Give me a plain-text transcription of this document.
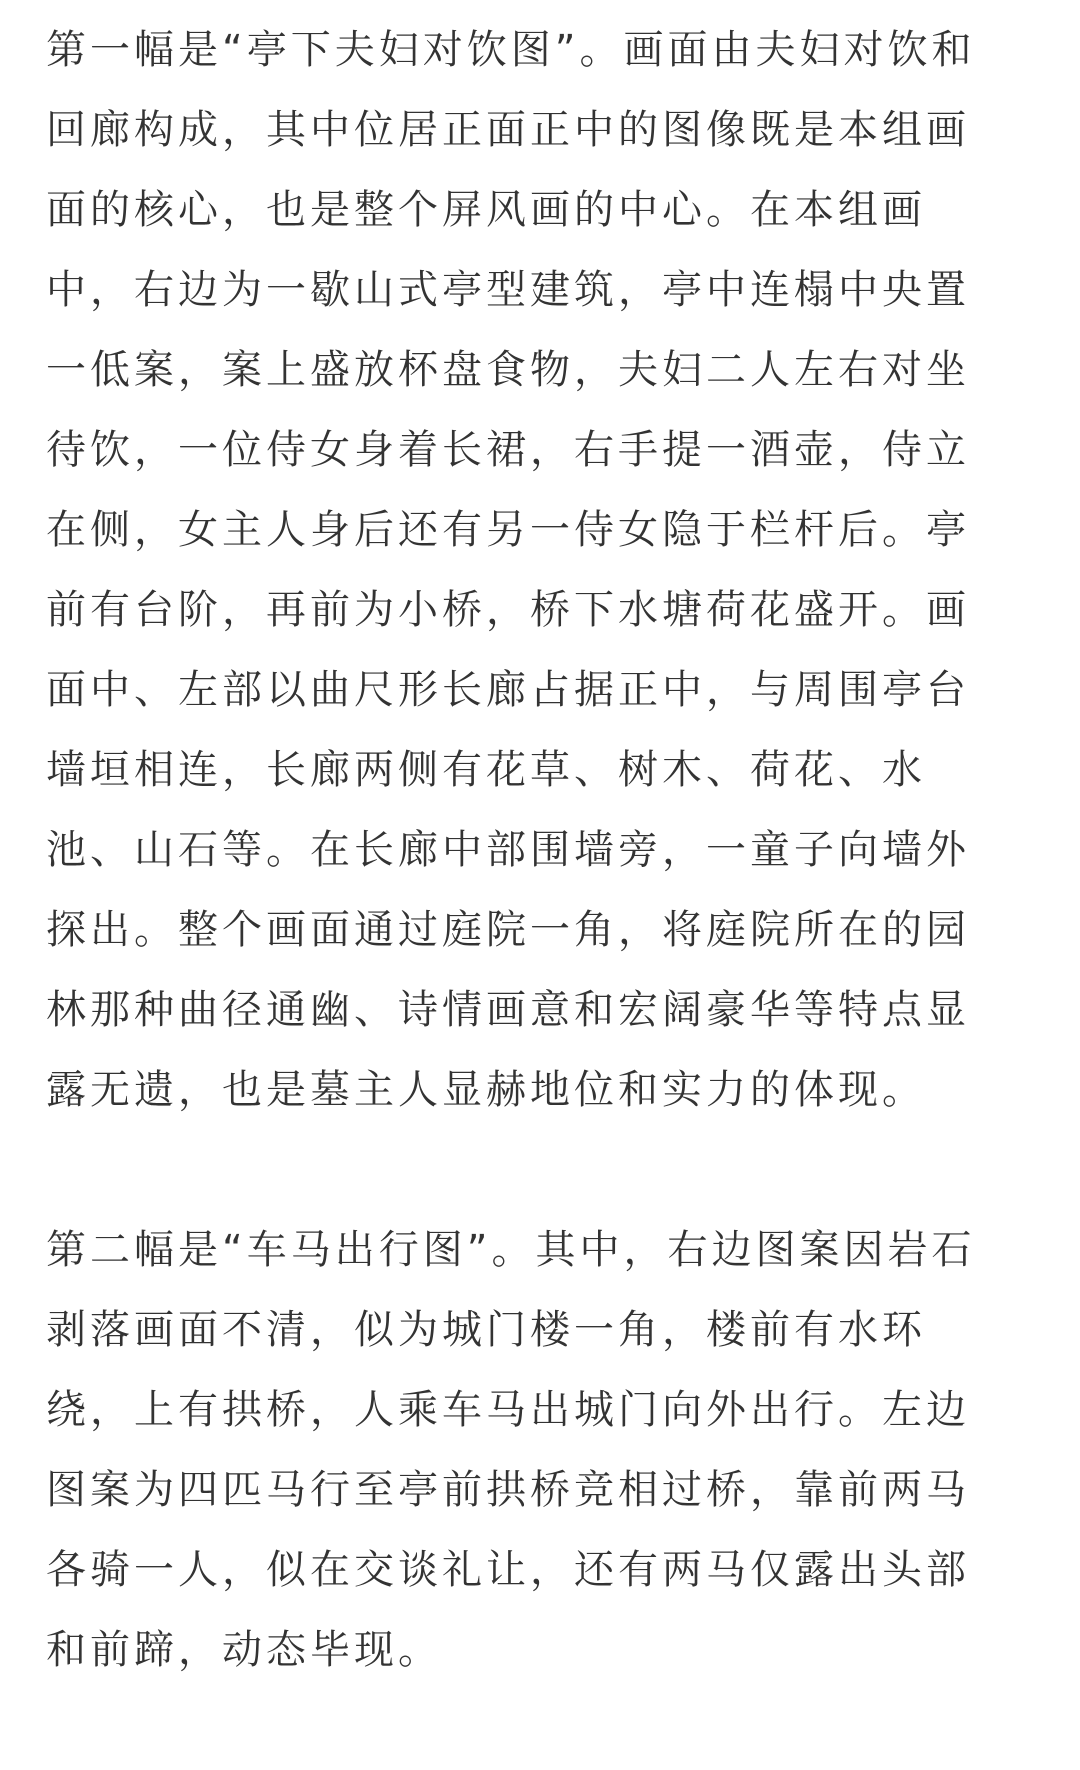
第一幅是“亭下夫妇对饮图”。画面由夫妇对饮和
回廊构成，其中位居正面正中的图像既是本组画
面的核心，也是整个屏风画的中心。在本组画
中，右边为一歇山式亭型建筑，亭中连榻中央置
一低案，案上盛放杯盘食物，夫妇二人左右对坐
待饮，一位侍女身着长裙，右手提一酒壶，侍立
在侧，女主人身后还有另一侍女隐于栏杆后。亭
前有台阶，再前为小桥，桥下水塘荷花盛开。画
面中、左部以曲尺形长廊占据正中，与周围亭台
墙垣相连，长廊两侧有花草、树木、荷花、水
池、山石等。在长廊中部围墙旁，一童子向墙外
探出。整个画面通过庭院一角，将庭院所在的园
林那种曲径通幽、诗情画意和宏阔豪华等特点显
露无遗，也是墓主人显赫地位和实力的体现。
第二幅是“车马出行图”。其中，右边图案因岩石
剥落画面不清，似为城门楼一角，楼前有水环
绕，上有拱桥，人乘车马出城门向外出行。左边
图案为四匹马行至亭前拱桥竞相过桥，靠前两马
各骑一人，似在交谈礼让，还有两马仅露出头部
和前蹄，动态毕现。
